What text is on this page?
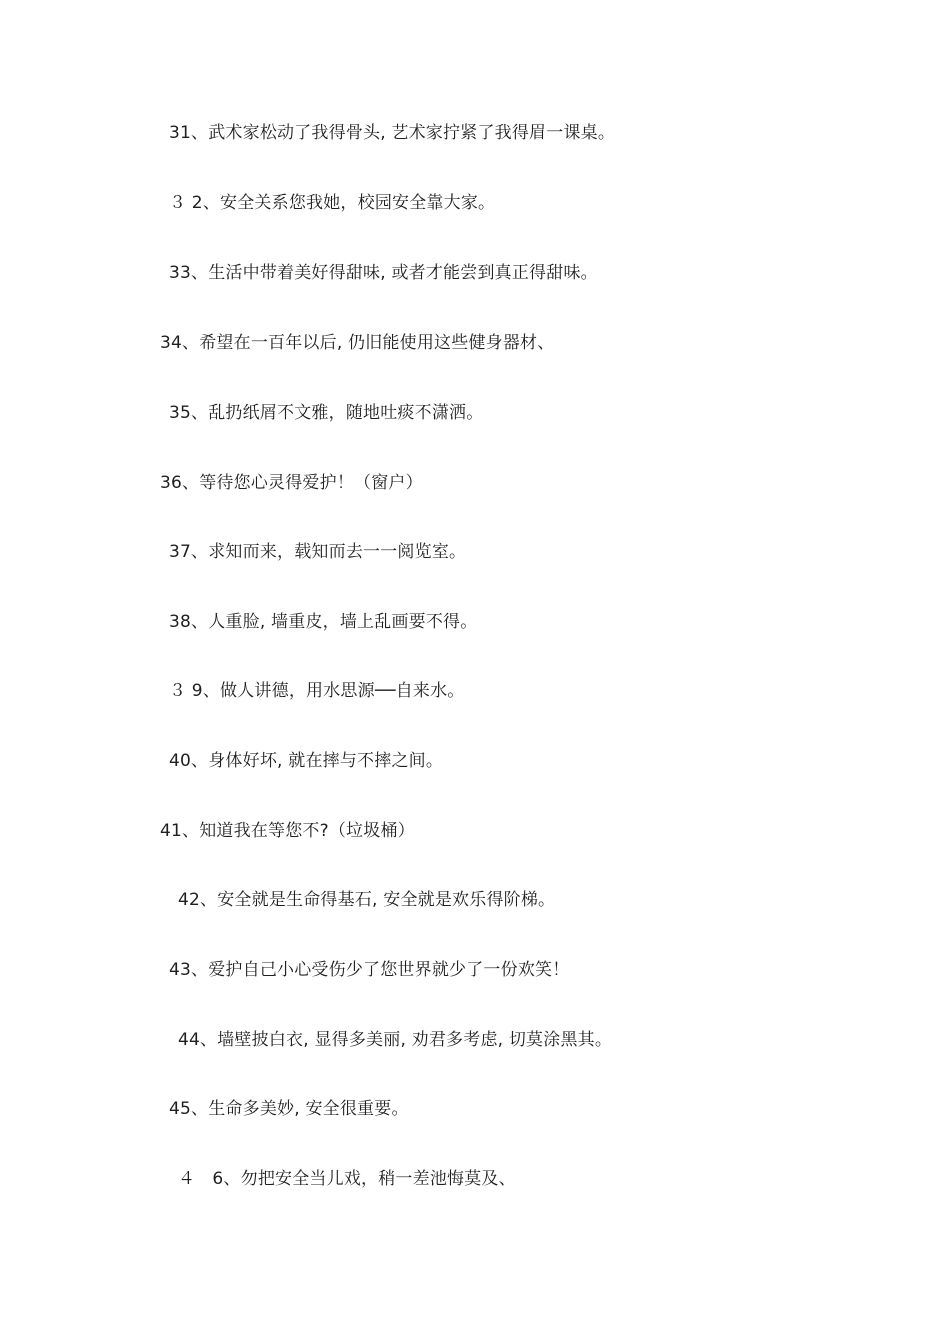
31、武术家松动了我得骨头, 艺术家拧紧了我得眉一课桌。
３ 2、安全关系您我她，校园安全靠大家。
33、生活中带着美好得甜味, 或者才能尝到真正得甜味。
34、希望在一百年以后, 仍旧能使用这些健身器材、
35、乱扔纸屑不文雅，随地吐痰不潇洒。
36、等待您心灵得爱护！（窗户）
37、求知而来，载知而去一一阅览室。
38、人重脸, 墙重皮，墙上乱画要不得。
３ 9、做人讲德，用水思源──自来水。
40、身体好坏, 就在摔与不摔之间。
41、知道我在等您不?（垃圾桶）
42、安全就是生命得基石, 安全就是欢乐得阶梯。
43、爱护自己小心受伤少了您世界就少了一份欢笑！
44、墙壁披白衣, 显得多美丽, 劝君多考虑, 切莫涂黑其。
45、生命多美妙, 安全很重要。
４　6、勿把安全当儿戏，稍一差池悔莫及、
